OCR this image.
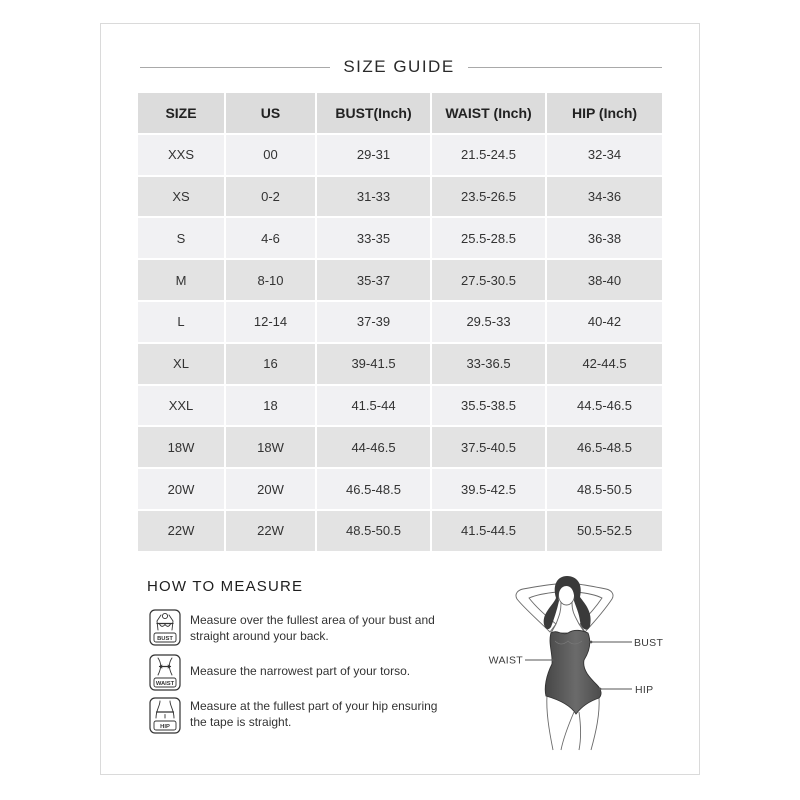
SIZE GUIDE
SIZE	US	BUST(Inch)	WAIST (Inch)	HIP (Inch)
XXS	00	29-31	21.5-24.5	32-34
XS	0-2	31-33	23.5-26.5	34-36
S	4-6	33-35	25.5-28.5	36-38
M	8-10	35-37	27.5-30.5	38-40
L	12-14	37-39	29.5-33	40-42
XL	16	39-41.5	33-36.5	42-44.5
XXL	18	41.5-44	35.5-38.5	44.5-46.5
18W	18W	44-46.5	37.5-40.5	46.5-48.5
20W	20W	46.5-48.5	39.5-42.5	48.5-50.5
22W	22W	48.5-50.5	41.5-44.5	50.5-52.5
HOW TO MEASURE
BUST
Measure over the fullest area of your bust and
straight around your back.
WAIST
Measure the narrowest part of your torso.
HIP
Measure at the fullest part of your hip ensuring
the tape is straight.
BUST
WAIST
HIP
